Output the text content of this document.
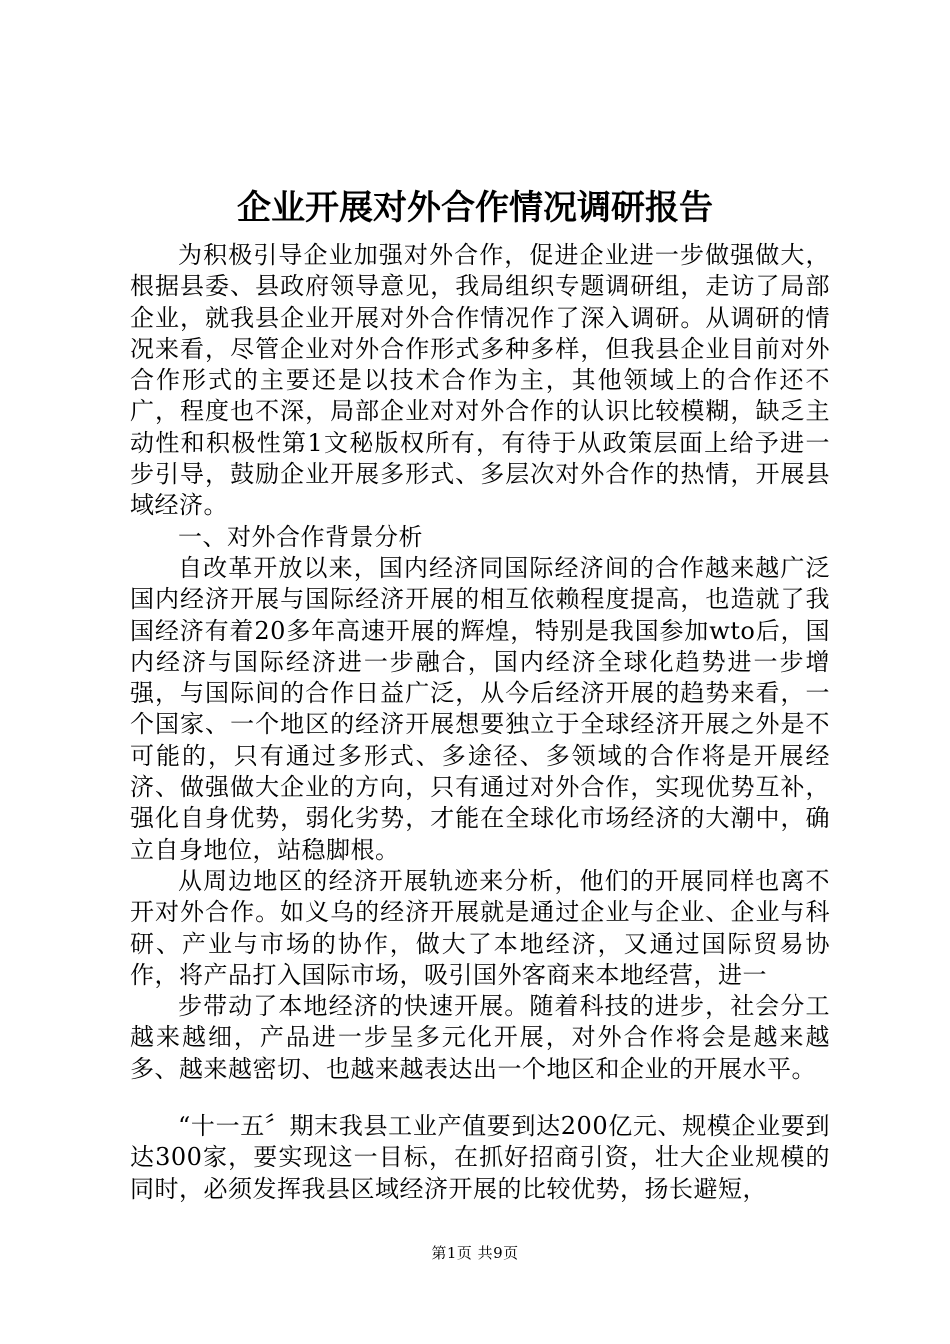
企业开展对外合作情况调研报告

为积极引导企业加强对外合作，促进企业进一步做强做大，根据县委、县政府领导意见，我局组织专题调研组，走访了局部企业，就我县企业开展对外合作情况作了深入调研。从调研的情况来看，尽管企业对外合作形式多种多样，但我县企业目前对外合作形式的主要还是以技术合作为主，其他领域上的合作还不广，程度也不深，局部企业对对外合作的认识比较模糊，缺乏主动性和积极性第1文秘版权所有，有待于从政策层面上给予进一步引导，鼓励企业开展多形式、多层次对外合作的热情，开展县域经济。

一、对外合作背景分析

自改革开放以来，国内经济同国际经济间的合作越来越广泛国内经济开展与国际经济开展的相互依赖程度提高，也造就了我国经济有着20多年高速开展的辉煌，特别是我国参加wto后，国内经济与国际经济进一步融合，国内经济全球化趋势进一步增强，与国际间的合作日益广泛，从今后经济开展的趋势来看，一个国家、一个地区的经济开展想要独立于全球经济开展之外是不可能的，只有通过多形式、多途径、多领域的合作将是开展经济、做强做大企业的方向，只有通过对外合作，实现优势互补，强化自身优势，弱化劣势，才能在全球化市场经济的大潮中，确立自身地位，站稳脚根。

从周边地区的经济开展轨迹来分析，他们的开展同样也离不开对外合作。如义乌的经济开展就是通过企业与企业、企业与科研、产业与市场的协作，做大了本地经济，又通过国际贸易协作，将产品打入国际市场，吸引国外客商来本地经营，进一

步带动了本地经济的快速开展。随着科技的进步，社会分工越来越细，产品进一步呈多元化开展，对外合作将会是越来越多、越来越密切、也越来越表达出一个地区和企业的开展水平。

“十一五〞期末我县工业产值要到达200亿元、规模企业要到达300家，要实现这一目标，在抓好招商引资，壮大企业规模的同时，必须发挥我县区域经济开展的比较优势，扬长避短，

第1页 共9页
